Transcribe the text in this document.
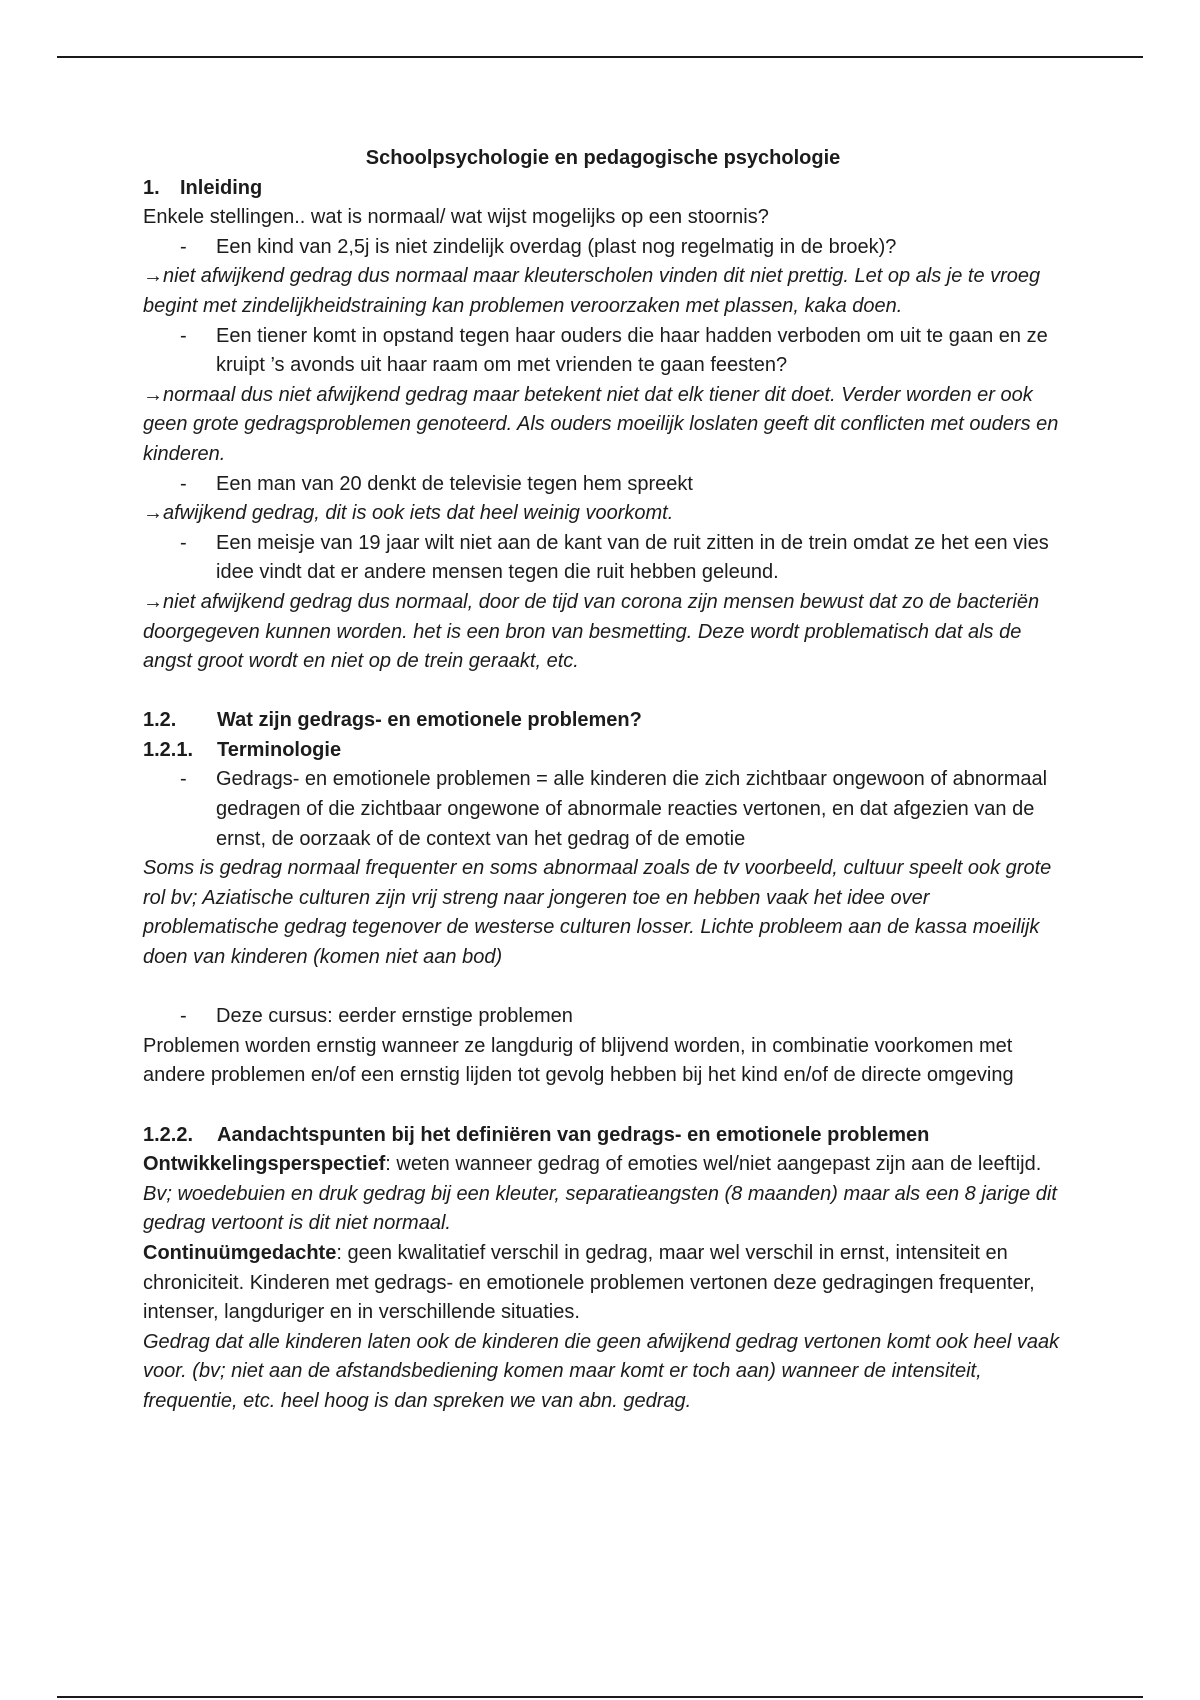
Schoolpsychologie en pedagogische psychologie

1. Inleiding

Enkele stellingen.. wat is normaal/ wat wijst mogelijks op een stoornis?

- Een kind van 2,5j is niet zindelijk overdag (plast nog regelmatig in de broek)?

→niet afwijkend gedrag dus normaal maar kleuterscholen vinden dit niet prettig. Let op als je te vroeg begint met zindelijkheidstraining kan problemen veroorzaken met plassen, kaka doen.

- Een tiener komt in opstand tegen haar ouders die haar hadden verboden om uit te gaan en ze kruipt ’s avonds uit haar raam om met vrienden te gaan feesten?

→normaal dus niet afwijkend gedrag maar betekent niet dat elk tiener dit doet. Verder worden er ook geen grote gedragsproblemen genoteerd. Als ouders moeilijk loslaten geeft dit conflicten met ouders en kinderen.

- Een man van 20 denkt de televisie tegen hem spreekt

→afwijkend gedrag, dit is ook iets dat heel weinig voorkomt.

- Een meisje van 19 jaar wilt niet aan de kant van de ruit zitten in de trein omdat ze het een vies idee vindt dat er andere mensen tegen die ruit hebben geleund.

→niet afwijkend gedrag dus normaal, door de tijd van corona zijn mensen bewust dat zo de bacteriën doorgegeven kunnen worden. het is een bron van besmetting. Deze wordt problematisch dat als de angst groot wordt en niet op de trein geraakt, etc.

1.2. Wat zijn gedrags- en emotionele problemen?

1.2.1. Terminologie

- Gedrags- en emotionele problemen = alle kinderen die zich zichtbaar ongewoon of abnormaal gedragen of die zichtbaar ongewone of abnormale reacties vertonen, en dat afgezien van de ernst, de oorzaak of de context van het gedrag of de emotie

Soms is gedrag normaal frequenter en soms abnormaal zoals de tv voorbeeld, cultuur speelt ook grote rol bv; Aziatische culturen zijn vrij streng naar jongeren toe en hebben vaak het idee over problematische gedrag tegenover de westerse culturen losser. Lichte probleem aan de kassa moeilijk doen van kinderen (komen niet aan bod)

- Deze cursus: eerder ernstige problemen

Problemen worden ernstig wanneer ze langdurig of blijvend worden, in combinatie voorkomen met andere problemen en/of een ernstig lijden tot gevolg hebben bij het kind en/of de directe omgeving

1.2.2. Aandachtspunten bij het definiëren van gedrags- en emotionele problemen

Ontwikkelingsperspectief: weten wanneer gedrag of emoties wel/niet aangepast zijn aan de leeftijd.

Bv; woedebuien en druk gedrag bij een kleuter, separatieangsten (8 maanden) maar als een 8 jarige dit gedrag vertoont is dit niet normaal.

Continuümgedachte: geen kwalitatief verschil in gedrag, maar wel verschil in ernst, intensiteit en chroniciteit. Kinderen met gedrags- en emotionele problemen vertonen deze gedragingen frequenter, intenser, langduriger en in verschillende situaties.

Gedrag dat alle kinderen laten ook de kinderen die geen afwijkend gedrag vertonen komt ook heel vaak voor. (bv; niet aan de afstandsbediening komen maar komt er toch aan) wanneer de intensiteit, frequentie, etc. heel hoog is dan spreken we van abn. gedrag.
